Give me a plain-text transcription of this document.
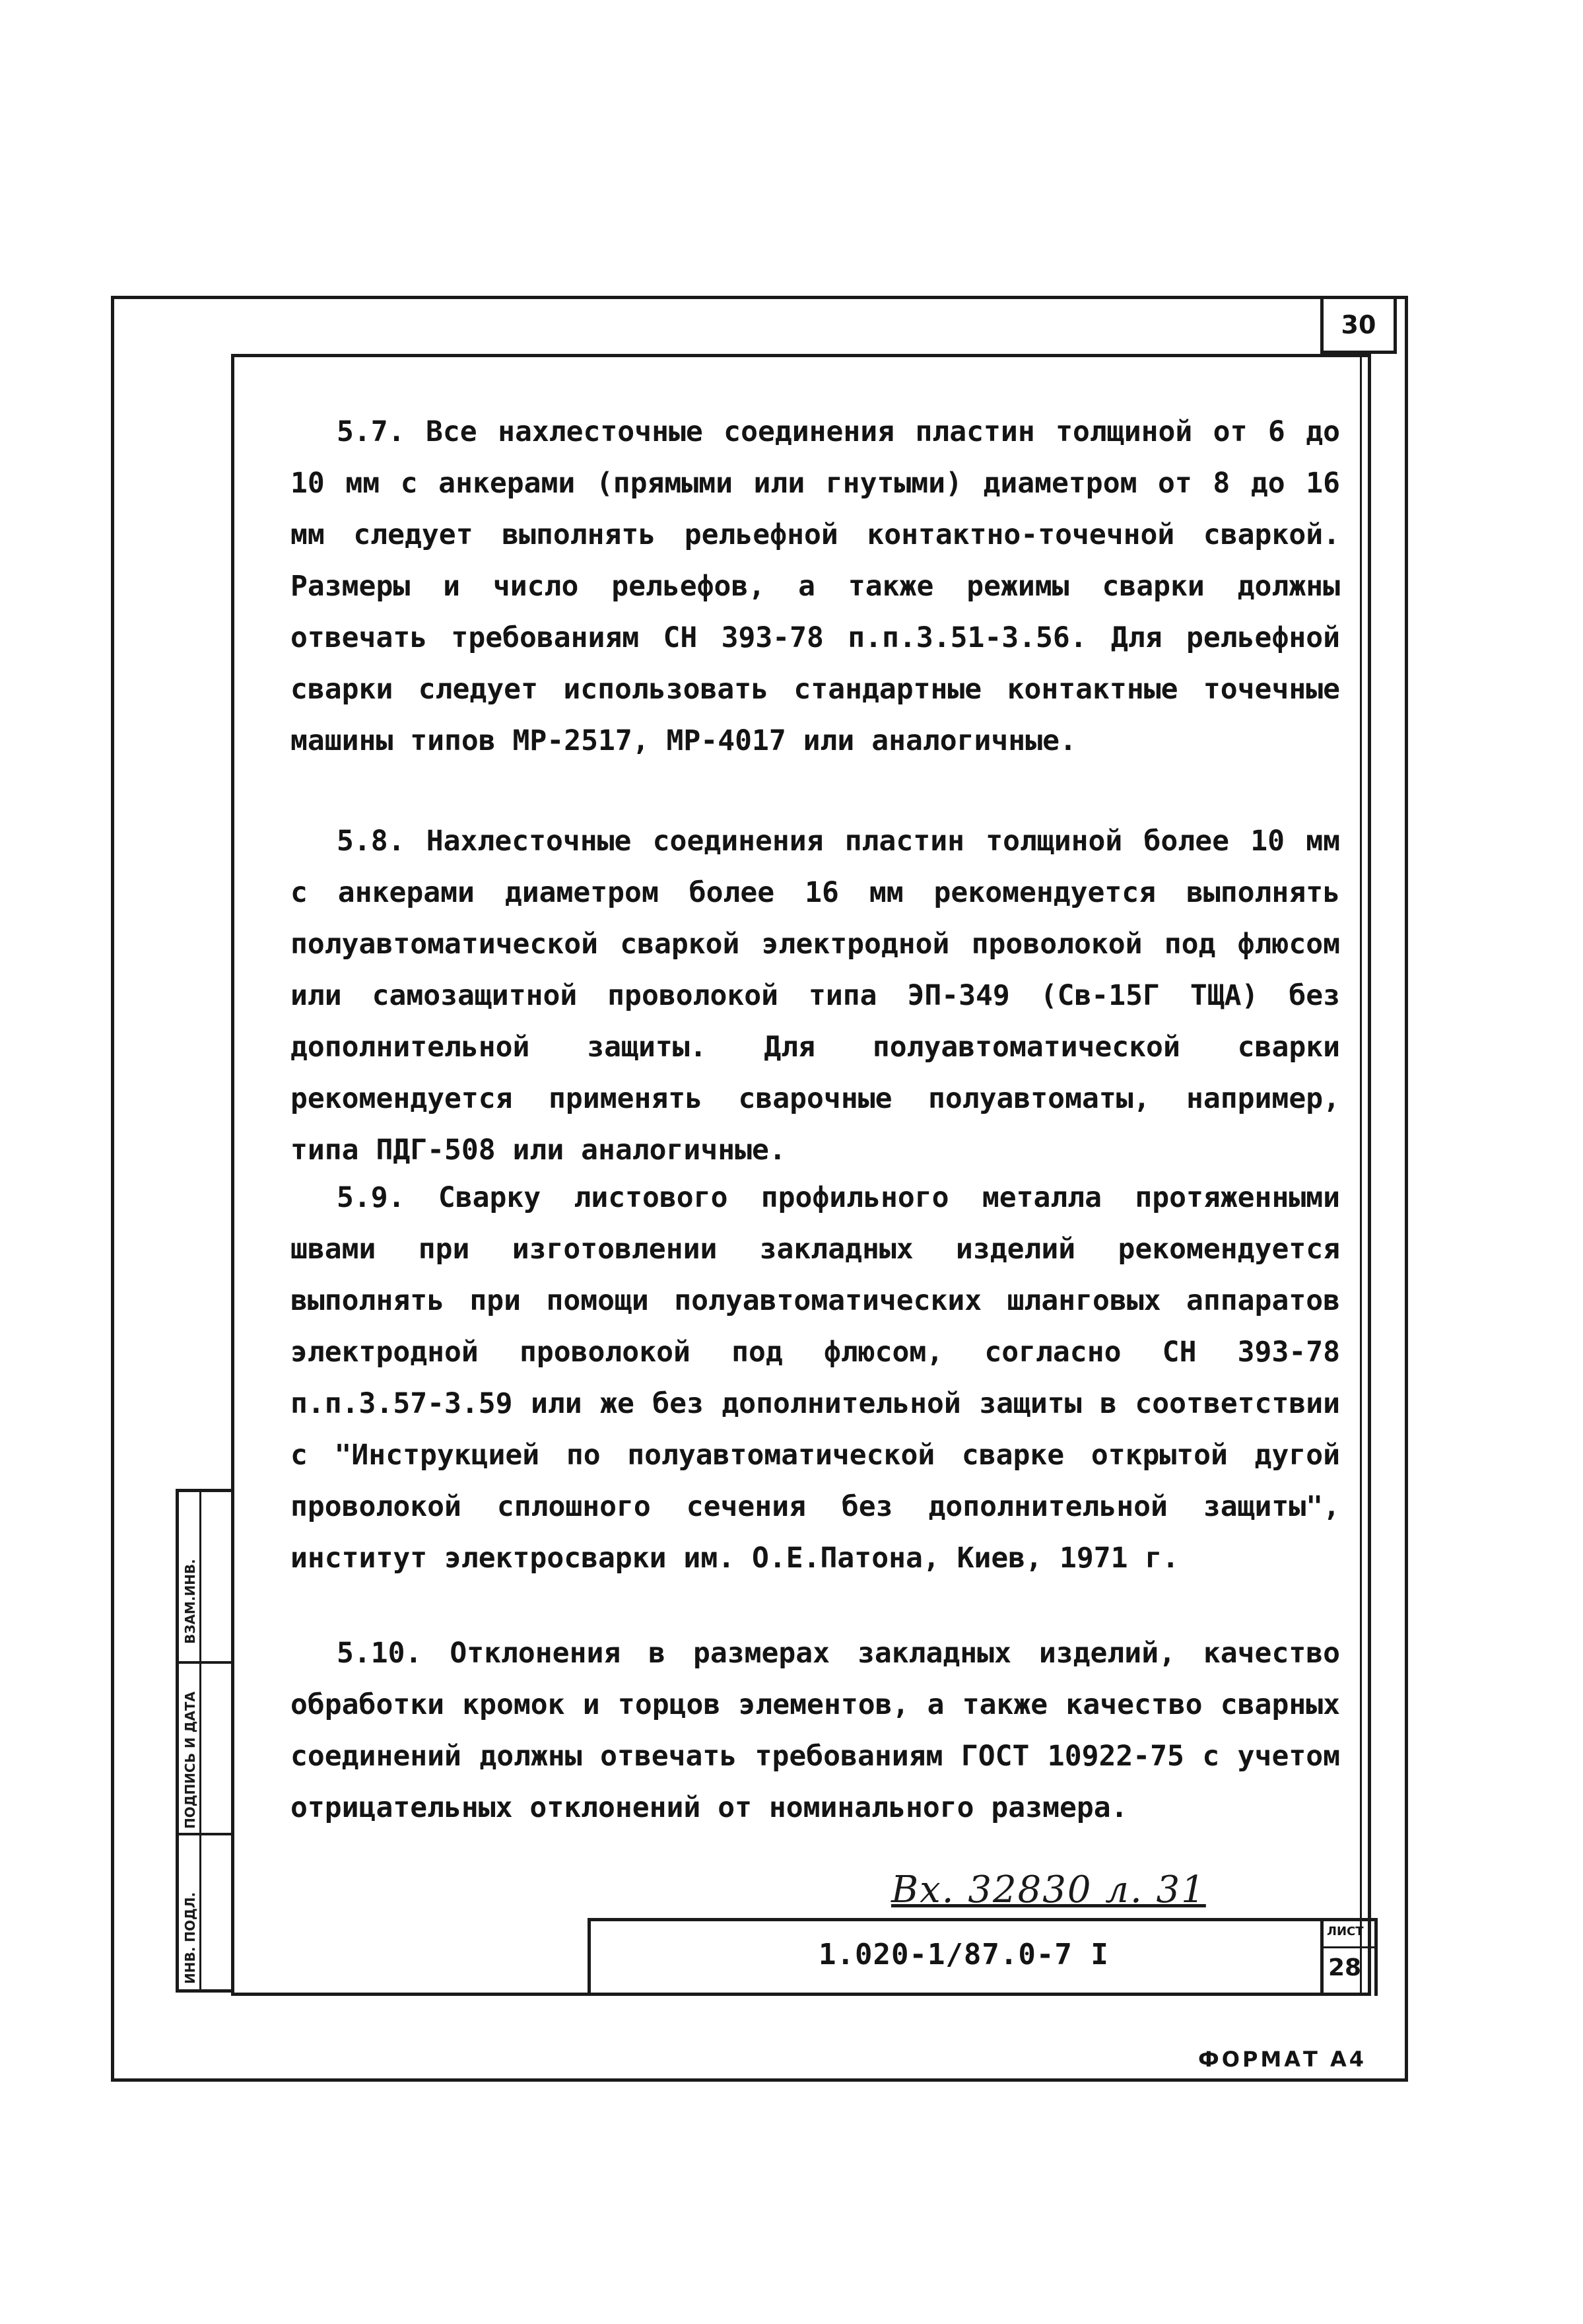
30

5.7. Все нахлесточные соединения пластин толщиной от 6 до 10 мм с анкерами (прямыми или гнутыми) диаметром от 8 до 16 мм следует выполнять рельефной контактно-точечной сваркой. Размеры и число рельефов, а также режимы сварки должны отвечать требованиям СН 393-78 п.п.3.51-3.56. Для рельефной сварки следует использовать стандартные контактные точечные машины типов МР-2517, МР-4017 или аналогичные.

5.8. Нахлесточные соединения пластин толщиной более 10 мм с анкерами диаметром более 16 мм рекомендуется выполнять полуавтоматической сваркой электродной проволокой под флюсом или самозащитной проволокой типа ЭП-349 (Св-15Г ТЩА) без дополнительной защиты. Для полуавтоматической сварки рекомендуется применять сварочные полуавтоматы, например, типа ПДГ-508 или аналогичные.

5.9. Сварку листового профильного металла протяженными швами при изготовлении закладных изделий рекомендуется выполнять при помощи полуавтоматических шланговых аппаратов электродной проволокой под флюсом, согласно СН 393-78 п.п.3.57-3.59 или же без дополнительной защиты в соответствии с "Инструкцией по полуавтоматической сварке открытой дугой проволокой сплошного сечения без дополнительной защиты", институт электросварки им. О.Е.Патона, Киев, 1971 г.

5.10. Отклонения в размерах закладных изделий, качество обработки кромок и торцов элементов, а также качество сварных соединений должны отвечать требованиям ГОСТ 10922-75 с учетом отрицательных отклонений от номинального размера.

ВЗАМ.ИНВ.
ПОДПИСЬ И ДАТА
ИНВ. ПОДЛ.
Вх. 32830 л. 31
1.020-1/87.0-7 I
ЛИСТ
28
ФОРМАТ А4
